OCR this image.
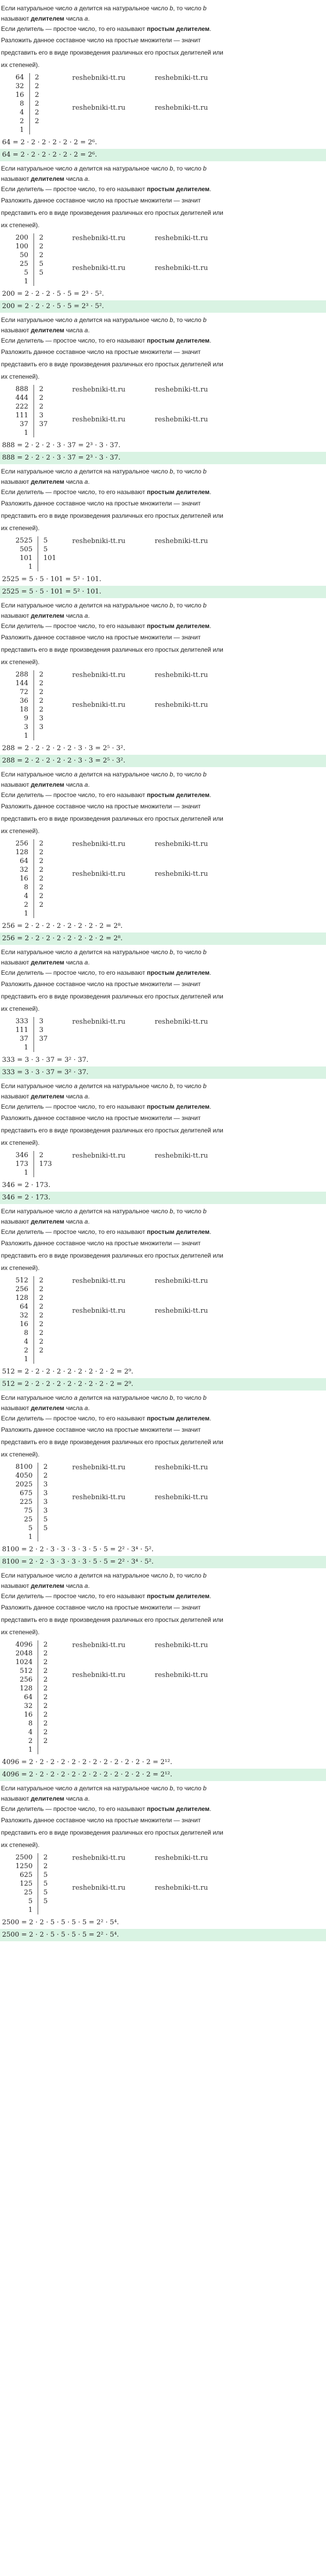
Если натуральное число a делится на натуральное число b, то число b
называют делителем числа a.
Если делитель — простое число, то его называют простым делителем.
Разложить данное составное число на простые множители — значит
представить его в виде произведения различных его простых делителей или
их степеней).
64	2
32	2
16	2
8	2
4	2
2	2
1	
reshebniki-tt.ru	reshebniki-tt.ru
reshebniki-tt.ru	reshebniki-tt.ru
64 = 2 · 2 · 2 · 2 · 2 · 2 = 2⁶.
64 = 2 · 2 · 2 · 2 · 2 · 2 = 2⁶.
Если натуральное число a делится на натуральное число b, то число b
называют делителем числа a.
Если делитель — простое число, то его называют простым делителем.
Разложить данное составное число на простые множители — значит
представить его в виде произведения различных его простых делителей или
их степеней).
200	2
100	2
50	2
25	5
5	5
1	
reshebniki-tt.ru	reshebniki-tt.ru
reshebniki-tt.ru	reshebniki-tt.ru
200 = 2 · 2 · 2 · 5 · 5 = 2³ · 5².
200 = 2 · 2 · 2 · 5 · 5 = 2³ · 5².
Если натуральное число a делится на натуральное число b, то число b
называют делителем числа a.
Если делитель — простое число, то его называют простым делителем.
Разложить данное составное число на простые множители — значит
представить его в виде произведения различных его простых делителей или
их степеней).
888	2
444	2
222	2
111	3
37	37
1	
reshebniki-tt.ru	reshebniki-tt.ru
reshebniki-tt.ru	reshebniki-tt.ru
888 = 2 · 2 · 2 · 3 · 37 = 2³ · 3 · 37.
888 = 2 · 2 · 2 · 3 · 37 = 2³ · 3 · 37.
Если натуральное число a делится на натуральное число b, то число b
называют делителем числа a.
Если делитель — простое число, то его называют простым делителем.
Разложить данное составное число на простые множители — значит
представить его в виде произведения различных его простых делителей или
их степеней).
2525	5
505	5
101	101
1	
reshebniki-tt.ru	reshebniki-tt.ru
2525 = 5 · 5 · 101 = 5² · 101.
2525 = 5 · 5 · 101 = 5² · 101.
Если натуральное число a делится на натуральное число b, то число b
называют делителем числа a.
Если делитель — простое число, то его называют простым делителем.
Разложить данное составное число на простые множители — значит
представить его в виде произведения различных его простых делителей или
их степеней).
288	2
144	2
72	2
36	2
18	2
9	3
3	3
1	
reshebniki-tt.ru	reshebniki-tt.ru
reshebniki-tt.ru	reshebniki-tt.ru
288 = 2 · 2 · 2 · 2 · 2 · 3 · 3 = 2⁵ · 3².
288 = 2 · 2 · 2 · 2 · 2 · 3 · 3 = 2⁵ · 3².
Если натуральное число a делится на натуральное число b, то число b
называют делителем числа a.
Если делитель — простое число, то его называют простым делителем.
Разложить данное составное число на простые множители — значит
представить его в виде произведения различных его простых делителей или
их степеней).
256	2
128	2
64	2
32	2
16	2
8	2
4	2
2	2
1	
reshebniki-tt.ru	reshebniki-tt.ru
reshebniki-tt.ru	reshebniki-tt.ru
256 = 2 · 2 · 2 · 2 · 2 · 2 · 2 · 2 = 2⁸.
256 = 2 · 2 · 2 · 2 · 2 · 2 · 2 · 2 = 2⁸.
Если натуральное число a делится на натуральное число b, то число b
называют делителем числа a.
Если делитель — простое число, то его называют простым делителем.
Разложить данное составное число на простые множители — значит
представить его в виде произведения различных его простых делителей или
их степеней).
333	3
111	3
37	37
1	
reshebniki-tt.ru	reshebniki-tt.ru
333 = 3 · 3 · 37 = 3² · 37.
333 = 3 · 3 · 37 = 3² · 37.
Если натуральное число a делится на натуральное число b, то число b
называют делителем числа a.
Если делитель — простое число, то его называют простым делителем.
Разложить данное составное число на простые множители — значит
представить его в виде произведения различных его простых делителей или
их степеней).
346	2
173	173
1	
reshebniki-tt.ru	reshebniki-tt.ru
346 = 2 · 173.
346 = 2 · 173.
Если натуральное число a делится на натуральное число b, то число b
называют делителем числа a.
Если делитель — простое число, то его называют простым делителем.
Разложить данное составное число на простые множители — значит
представить его в виде произведения различных его простых делителей или
их степеней).
512	2
256	2
128	2
64	2
32	2
16	2
8	2
4	2
2	2
1	
reshebniki-tt.ru	reshebniki-tt.ru
reshebniki-tt.ru	reshebniki-tt.ru
512 = 2 · 2 · 2 · 2 · 2 · 2 · 2 · 2 · 2 = 2⁹.
512 = 2 · 2 · 2 · 2 · 2 · 2 · 2 · 2 · 2 = 2⁹.
Если натуральное число a делится на натуральное число b, то число b
называют делителем числа a.
Если делитель — простое число, то его называют простым делителем.
Разложить данное составное число на простые множители — значит
представить его в виде произведения различных его простых делителей или
их степеней).
8100	2
4050	2
2025	3
675	3
225	3
75	3
25	5
5	5
1	
reshebniki-tt.ru	reshebniki-tt.ru
reshebniki-tt.ru	reshebniki-tt.ru
8100 = 2 · 2 · 3 · 3 · 3 · 3 · 5 · 5 = 2² · 3⁴ · 5².
8100 = 2 · 2 · 3 · 3 · 3 · 3 · 5 · 5 = 2² · 3⁴ · 5².
Если натуральное число a делится на натуральное число b, то число b
называют делителем числа a.
Если делитель — простое число, то его называют простым делителем.
Разложить данное составное число на простые множители — значит
представить его в виде произведения различных его простых делителей или
их степеней).
4096	2
2048	2
1024	2
512	2
256	2
128	2
64	2
32	2
16	2
8	2
4	2
2	2
1	
reshebniki-tt.ru	reshebniki-tt.ru
reshebniki-tt.ru	reshebniki-tt.ru
4096 = 2 · 2 · 2 · 2 · 2 · 2 · 2 · 2 · 2 · 2 · 2 · 2 = 2¹².
4096 = 2 · 2 · 2 · 2 · 2 · 2 · 2 · 2 · 2 · 2 · 2 · 2 = 2¹².
Если натуральное число a делится на натуральное число b, то число b
называют делителем числа a.
Если делитель — простое число, то его называют простым делителем.
Разложить данное составное число на простые множители — значит
представить его в виде произведения различных его простых делителей или
их степеней).
2500	2
1250	2
625	5
125	5
25	5
5	5
1	
reshebniki-tt.ru	reshebniki-tt.ru
reshebniki-tt.ru	reshebniki-tt.ru
2500 = 2 · 2 · 5 · 5 · 5 · 5 = 2² · 5⁴.
2500 = 2 · 2 · 5 · 5 · 5 · 5 = 2² · 5⁴.
